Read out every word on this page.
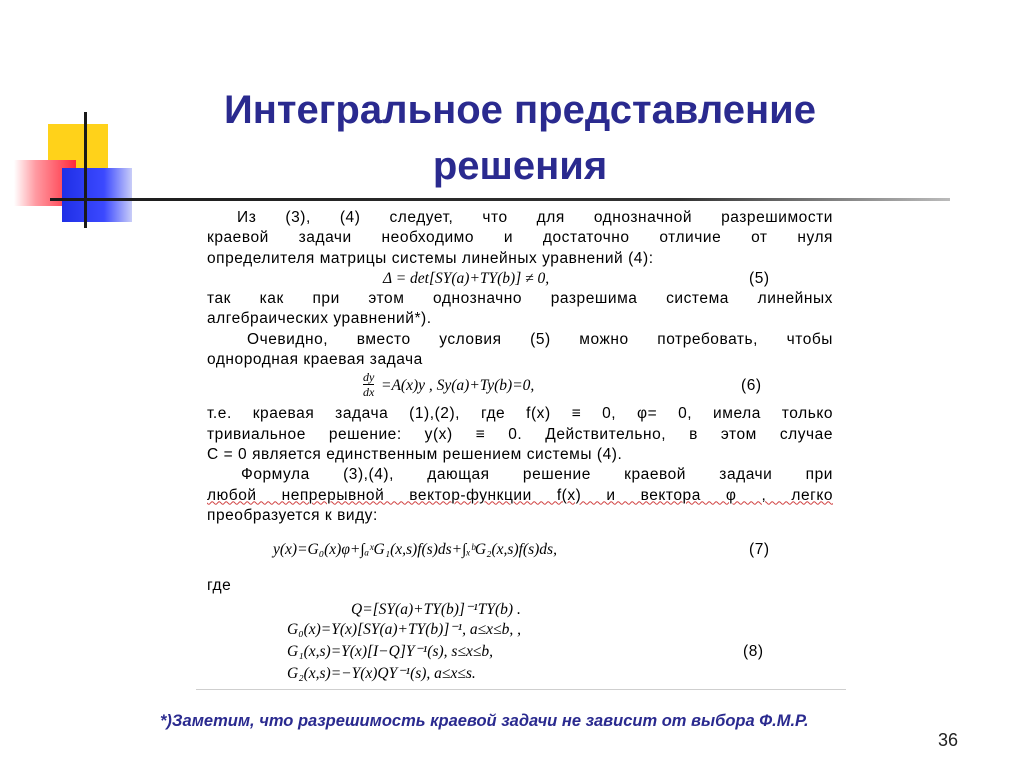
Интегральное представление решения
Из (3), (4) следует, что для однозначной разрешимости
краевой задачи необходимо и достаточно отличие от нуля
определителя матрицы системы линейных уравнений (4):
Δ = det[SY(a)+TY(b)] ≠ 0,	(5)
так как при этом однозначно разрешима система линейных
алгебраических уравнений*).
Очевидно, вместо условия (5) можно потребовать, чтобы
однородная краевая задача
dy
dx =A(x)y , Sy(a)+Ty(b)=0,	(6)
т.е. краевая задача (1),(2), где f(x) ≡ 0, φ= 0, имела только
тривиальное решение: y(x) ≡ 0. Действительно, в этом случае
C = 0 является единственным решением системы (4).
Формула (3),(4), дающая решение краевой задачи при
любой непрерывной вектор-функции f(x) и вектора φ , легко
преобразуется к виду:
y(x)=G₀(x)φ+∫ₐˣG₁(x,s)f(s)ds+∫ₓᵇG₂(x,s)f(s)ds,	(7)
где
Q=[SY(a)+TY(b)]⁻¹TY(b) .
G₀(x)=Y(x)[SY(a)+TY(b)]⁻¹, a≤x≤b, ,
G₁(x,s)=Y(x)[I−Q]Y⁻¹(s), s≤x≤b,	(8)
G₂(x,s)=−Y(x)QY⁻¹(s), a≤x≤s.
*)Заметим, что разрешимость краевой задачи не зависит от выбора Ф.М.Р.
36
